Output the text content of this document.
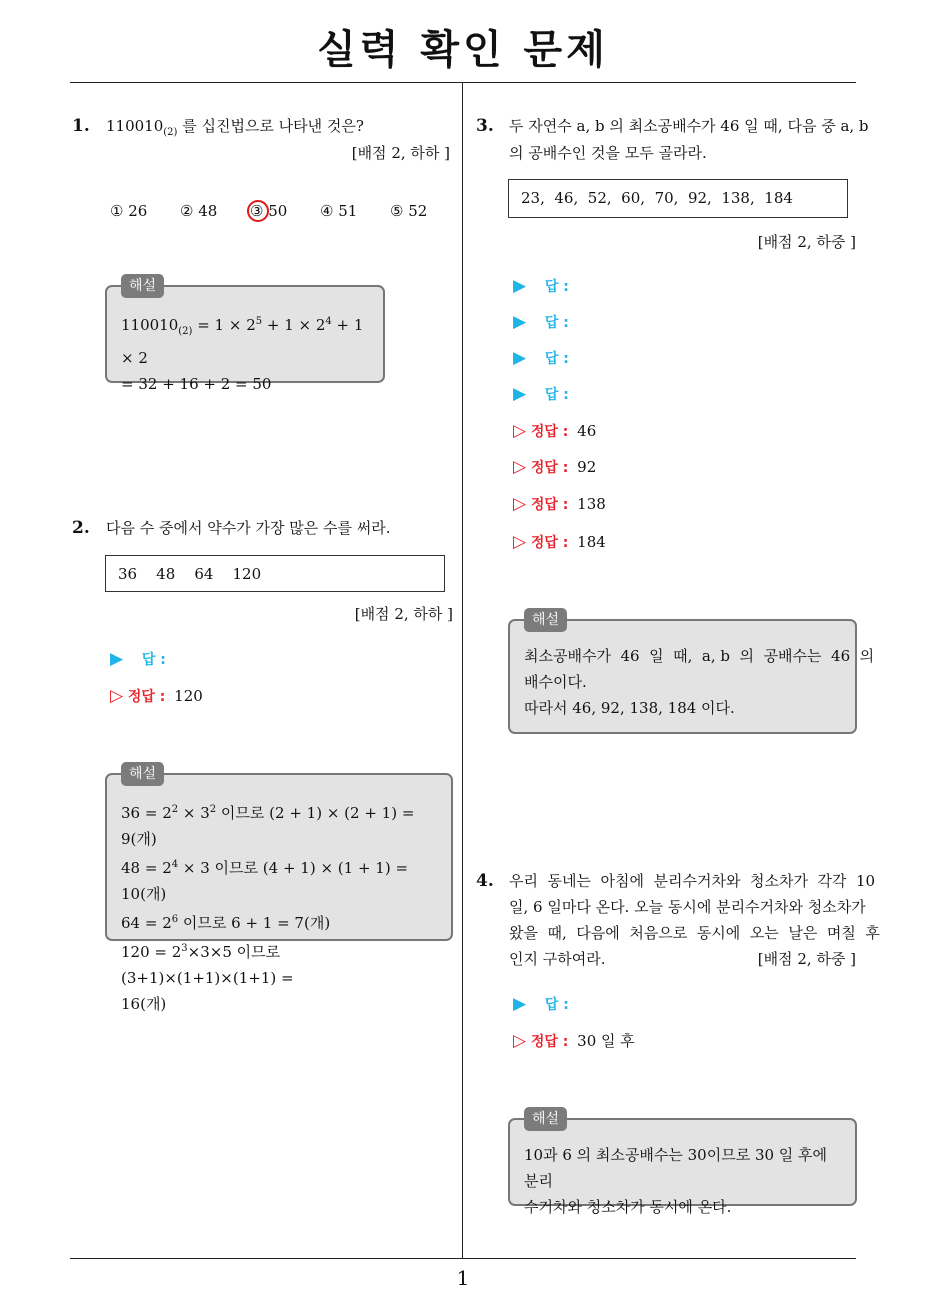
실력 확인 문제
1
1. $110010_{(2)}$ 를 십진법으로 나타낸 것은?
[배점 2, 하하 ]
① 26 ② 48 ③ 50 ④ 51 ⑤ 52
해설
$110010_{(2)} = 1 \times 2^5 + 1 \times 2^4 + 1 \times 2$
= 32 + 16 + 2 = 50
2. 다음 수 중에서 약수가 가장 많은 수를 써라.
36    48    64    120
[배점 2, 하하 ]
▶ 답 :
▷ 정답 : 120
해설
$36 = 2^2 \times 3^2$ 이므로 (2 + 1) × (2 + 1) = 9(개)
$48 = 2^4 \times 3$ 이므로 (4 + 1) × (1 + 1) = 10(개)
$64 = 2^6$ 이므로 6 + 1 = 7(개)
$120 = 2^3\times 3\times 5$ 이므로 (3+1)×(1+1)×(1+1) =
16(개)
3. 두 자연수 a, b 의 최소공배수가 46 일 때, 다음 중 a, b
의 공배수인 것을 모두 골라라.
23,  46,  52,  60,  70,  92,  138,  184
[배점 2, 하중 ]
▶ 답 :
▶ 답 :
▶ 답 :
▶ 답 :
▷ 정답 : 46
▷ 정답 : 92
▷ 정답 : 138
▷ 정답 : 184
해설
최소공배수가  46  일  때,  a, b  의  공배수는  46  의
배수이다.
따라서 46, 92, 138, 184 이다.
4. 우리  동네는  아침에  분리수거차와  청소차가  각각  10
일, 6 일마다 온다. 오늘 동시에 분리수거차와 청소차가
왔을  때,  다음에  처음으로  동시에  오는  날은  며칠  후
인지 구하여라.	[배점 2, 하중 ]
▶ 답 :
▷ 정답 : 30 일 후
해설
10과 6 의 최소공배수는 30이므로 30 일 후에 분리
수거차와 청소차가 동시에 온다.
